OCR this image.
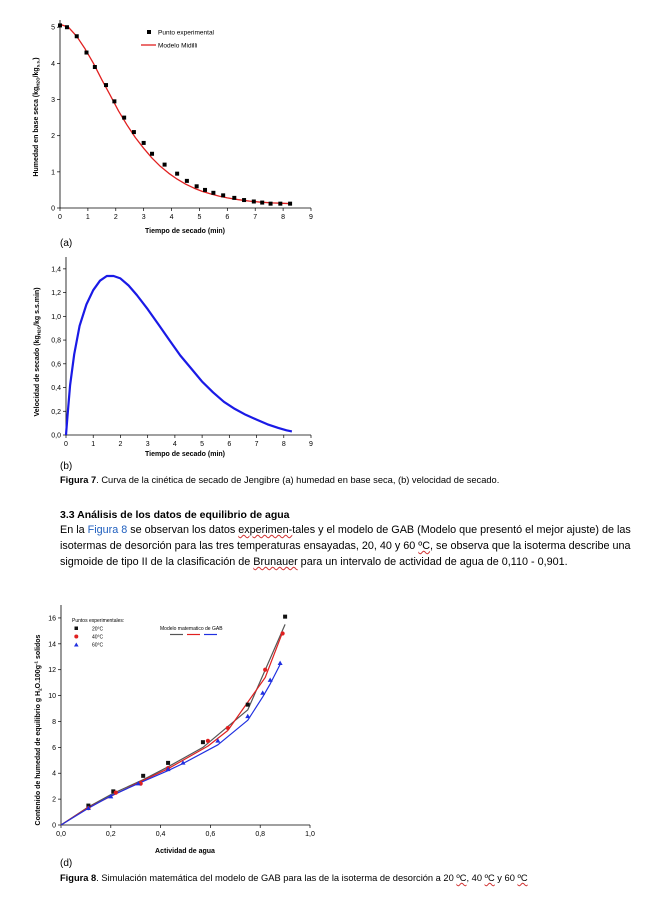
0	1	2	3	4	5	6	7	8	9
0
1
2
3
4
5
Tiempo de secado (min)
Humedad en base seca $(kg_{H2O}/kg_{s.s.})$
Punto experimental
Modelo Midilli
(a)
0	1	2	3	4	5	6	7	8	9
0,0
0,2
0,4
0,6
0,8
1,0
1,2
1,4
Tiempo de secado (min)
Velocidad de secado ($kg_{H2O}/kg$ s.s.min)
(b)
Figura 7. Curva de la cinética de secado de Jengibre (a) humedad en base seca, (b) velocidad de secado.
3.3 Análisis de los datos de equilibrio de agua
En la Figura 8 se observan los datos experimen-tales y el modelo de GAB (Modelo que presentó el mejor ajuste) de las isotermas de desorción para las tres temperaturas ensayadas, 20, 40 y 60 ºC, se observa que la isoterma describe una sigmoide de tipo II de la clasificación de Brunauer para un intervalo de actividad de agua de 0,110 - 0,901.
0,0	0,2	0,4	0,6	0,8	1,0
0
2
4
6
8
10
12
14
16
Actividad de agua
Contenido de humedad de equilibrio g $H_2O.100g^{-1}$ solidos
Puntos experimentales:
20°C
40°C
60°C
Modelo matematico de GAB
(d)
Figura 8. Simulación matemática del modelo de GAB para las de la isoterma de desorción a 20 ºC, 40 ºC y 60 ºC
